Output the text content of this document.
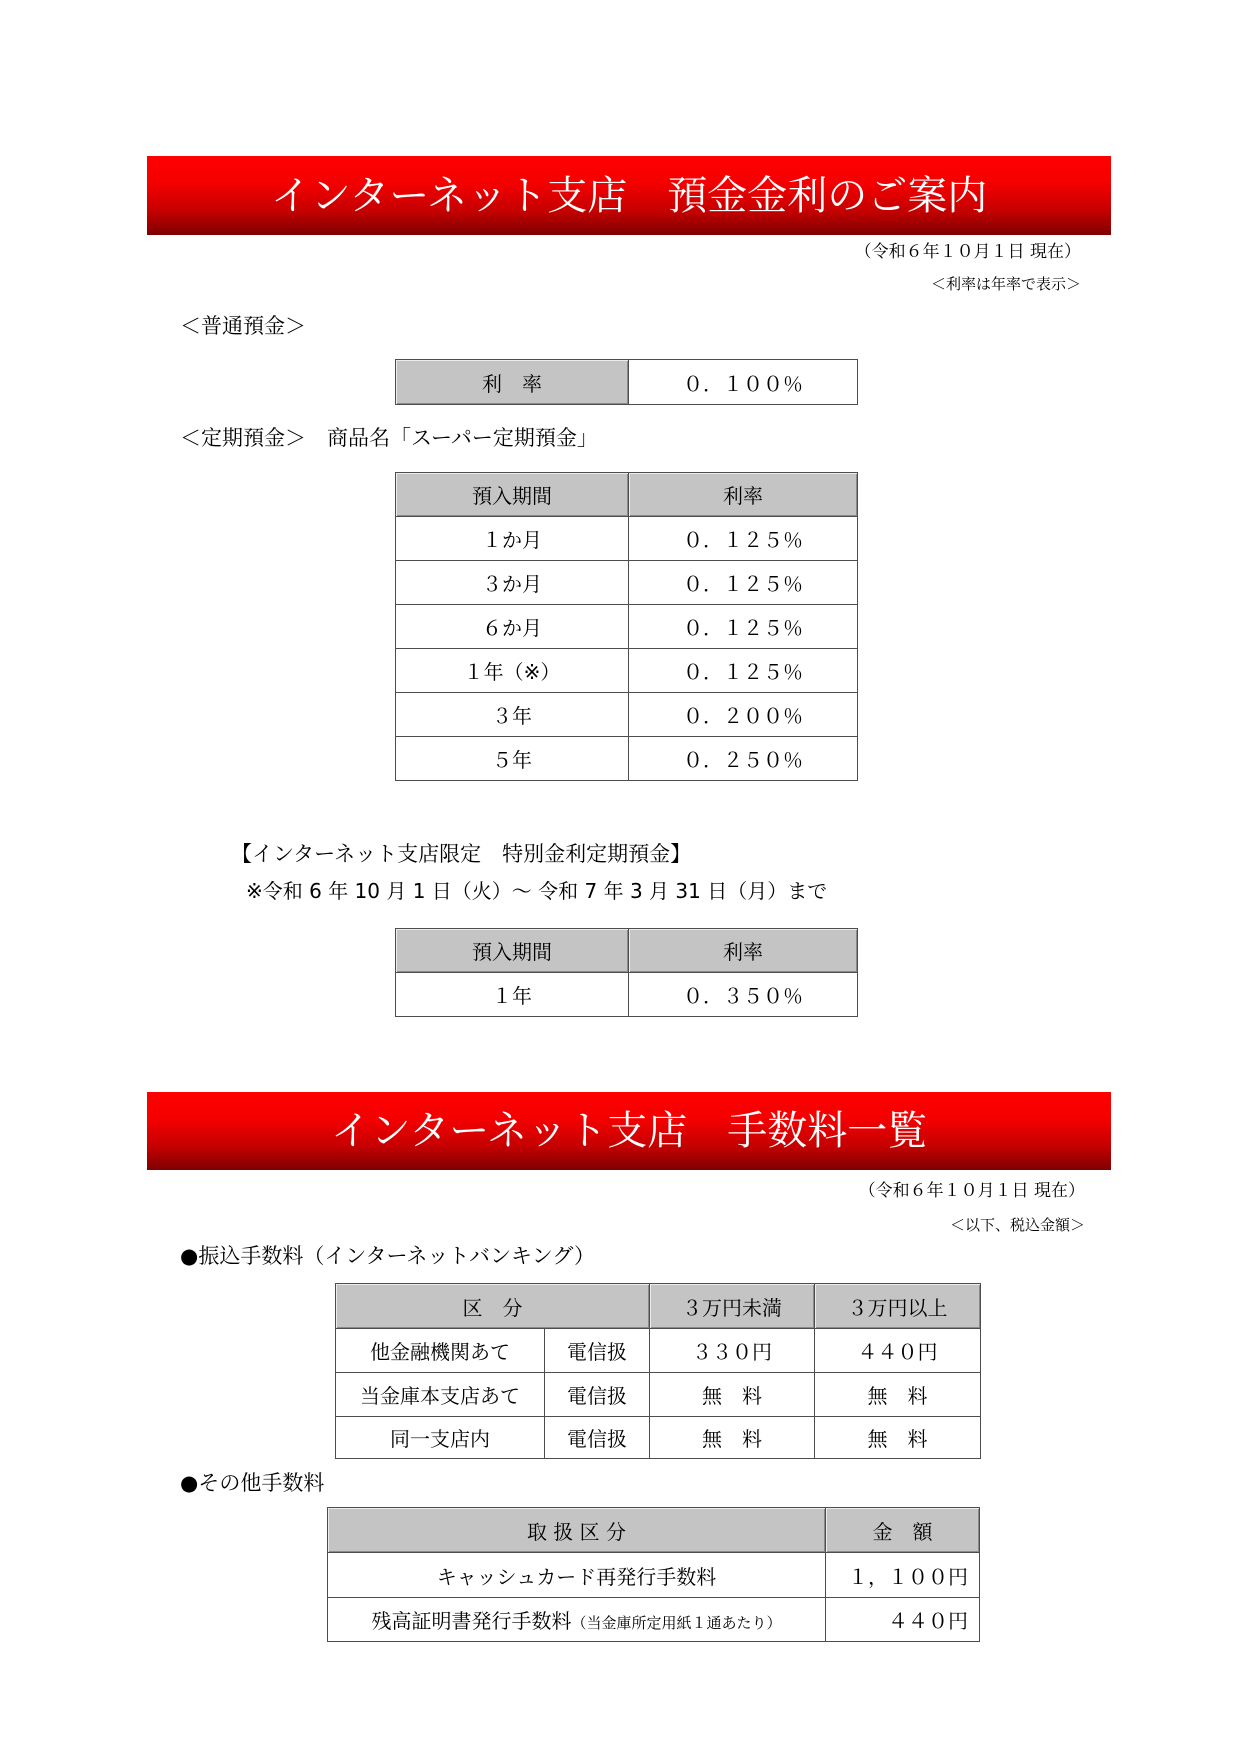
インターネット支店　預金金利のご案内
（令和６年１０月１日 現在）
＜利率は年率で表示＞
＜普通預金＞
利　率	０．１００％
＜定期預金＞　商品名「スーパー定期預金」
預入期間	利率
１か月	０．１２５％
３か月	０．１２５％
６か月	０．１２５％
１年（※）	０．１２５％
３年	０．２００％
５年	０．２５０％
【インターネット支店限定　特別金利定期預金】
※令和 6 年 10 月 1 日（火）～ 令和 7 年 3 月 31 日（月）まで
預入期間	利率
１年	０．３５０％
インターネット支店　手数料一覧
（令和６年１０月１日 現在）
＜以下、税込金額＞
●振込手数料（インターネットバンキング）
区　分		３万円未満	３万円以上
他金融機関あて	電信扱	３３０円	４４０円
当金庫本支店あて	電信扱	無　料	無　料
同一支店内	電信扱	無　料	無　料
●その他手数料
取 扱 区 分	金　額
キャッシュカード再発行手数料	１，１００円
残高証明書発行手数料（当金庫所定用紙１通あたり）	４４０円
